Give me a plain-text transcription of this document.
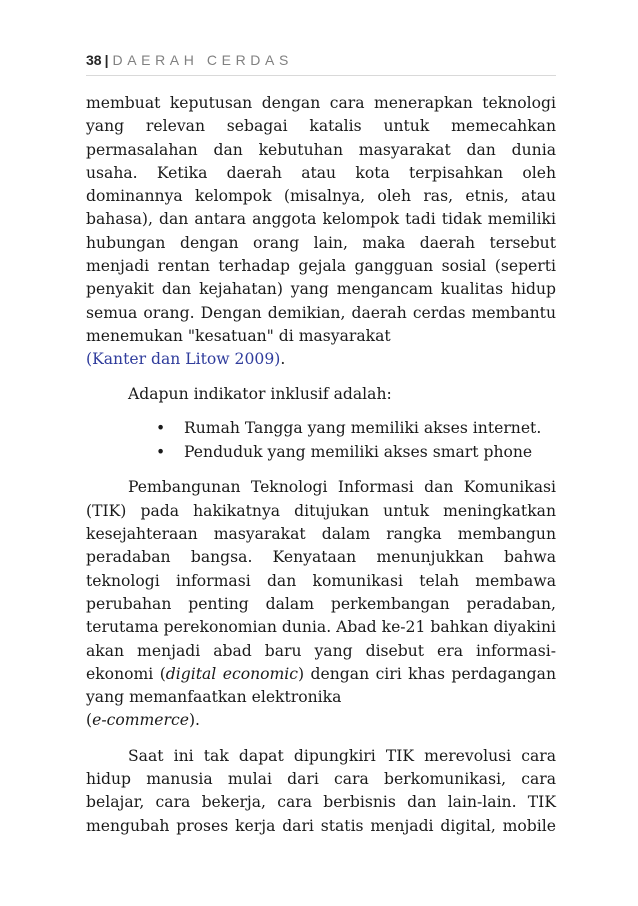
38 | DAERAH CERDAS

membuat keputusan dengan cara menerapkan teknologi yang relevan sebagai katalis untuk memecahkan permasalahan dan kebutuhan masyarakat dan dunia usaha. Ketika daerah atau kota terpisahkan oleh dominannya kelompok (misalnya, oleh ras, etnis, atau bahasa), dan antara anggota kelompok tadi tidak memiliki hubungan dengan orang lain, maka daerah tersebut menjadi rentan terhadap gejala gangguan sosial (seperti penyakit dan kejahatan) yang mengancam kualitas hidup semua orang. Dengan demikian, daerah cerdas membantu menemukan "kesatuan" di masyarakat
(Kanter dan Litow 2009).

Adapun indikator inklusif adalah:

• Rumah Tangga yang memiliki akses internet.
• Penduduk yang memiliki akses smart phone

Pembangunan Teknologi Informasi dan Komunikasi (TIK) pada hakikatnya ditujukan untuk meningkatkan kesejahteraan masyarakat dalam rangka membangun peradaban bangsa. Kenyataan menunjukkan bahwa teknologi informasi dan komunikasi telah membawa perubahan penting dalam perkembangan peradaban, terutama perekonomian dunia. Abad ke-21 bahkan diyakini akan menjadi abad baru yang disebut era informasi-ekonomi (digital economic) dengan ciri khas perdagangan yang memanfaatkan elektronika
(e-commerce).

Saat ini tak dapat dipungkiri TIK merevolusi cara hidup manusia mulai dari cara berkomunikasi, cara belajar, cara bekerja, cara berbisnis dan lain-lain. TIK mengubah proses kerja dari statis menjadi digital, mobile
